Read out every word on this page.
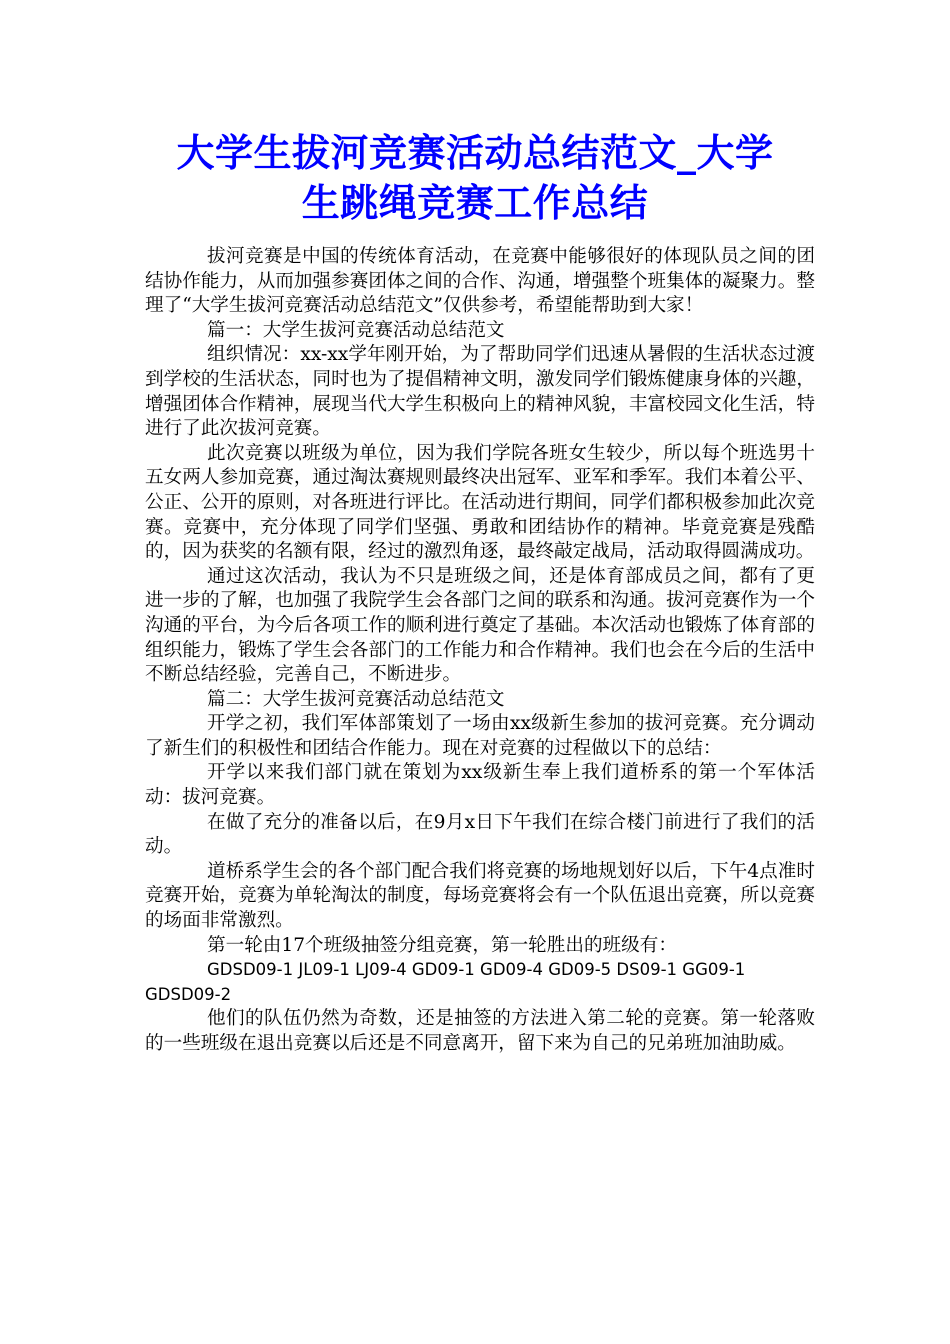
大学生拔河竞赛活动总结范文_大学
生跳绳竞赛工作总结

拔河竞赛是中国的传统体育活动，在竞赛中能够很好的体现队员之间的团结协作能力，从而加强参赛团体之间的合作、沟通，增强整个班集体的凝聚力。整理了“大学生拔河竞赛活动总结范文”仅供参考，希望能帮助到大家！

篇一：大学生拔河竞赛活动总结范文

组织情况：xx-xx学年刚开始，为了帮助同学们迅速从暑假的生活状态过渡到学校的生活状态，同时也为了提倡精神文明，激发同学们锻炼健康身体的兴趣，增强团体合作精神，展现当代大学生积极向上的精神风貌，丰富校园文化生活，特进行了此次拔河竞赛。

此次竞赛以班级为单位，因为我们学院各班女生较少，所以每个班选男十五女两人参加竞赛，通过淘汰赛规则最终决出冠军、亚军和季军。我们本着公平、公正、公开的原则，对各班进行评比。在活动进行期间，同学们都积极参加此次竞赛。竞赛中，充分体现了同学们坚强、勇敢和团结协作的精神。毕竟竞赛是残酷的，因为获奖的名额有限，经过的激烈角逐，最终敲定战局，活动取得圆满成功。

通过这次活动，我认为不只是班级之间，还是体育部成员之间，都有了更进一步的了解，也加强了我院学生会各部门之间的联系和沟通。拔河竞赛作为一个沟通的平台，为今后各项工作的顺利进行奠定了基础。本次活动也锻炼了体育部的组织能力，锻炼了学生会各部门的工作能力和合作精神。我们也会在今后的生活中不断总结经验，完善自己，不断进步。

篇二：大学生拔河竞赛活动总结范文

开学之初，我们军体部策划了一场由xx级新生参加的拔河竞赛。充分调动了新生们的积极性和团结合作能力。现在对竞赛的过程做以下的总结：

开学以来我们部门就在策划为xx级新生奉上我们道桥系的第一个军体活动：拔河竞赛。

在做了充分的准备以后，在9月x日下午我们在综合楼门前进行了我们的活动。

道桥系学生会的各个部门配合我们将竞赛的场地规划好以后，下午4点准时竞赛开始，竞赛为单轮淘汰的制度，每场竞赛将会有一个队伍退出竞赛，所以竞赛的场面非常激烈。

第一轮由17个班级抽签分组竞赛，第一轮胜出的班级有：

GDSD09-1 JL09-1 LJ09-4 GD09-1 GD09-4 GD09-5 DS09-1 GG09-1 GDSD09-2

他们的队伍仍然为奇数，还是抽签的方法进入第二轮的竞赛。第一轮落败的一些班级在退出竞赛以后还是不同意离开，留下来为自己的兄弟班加油助威。
